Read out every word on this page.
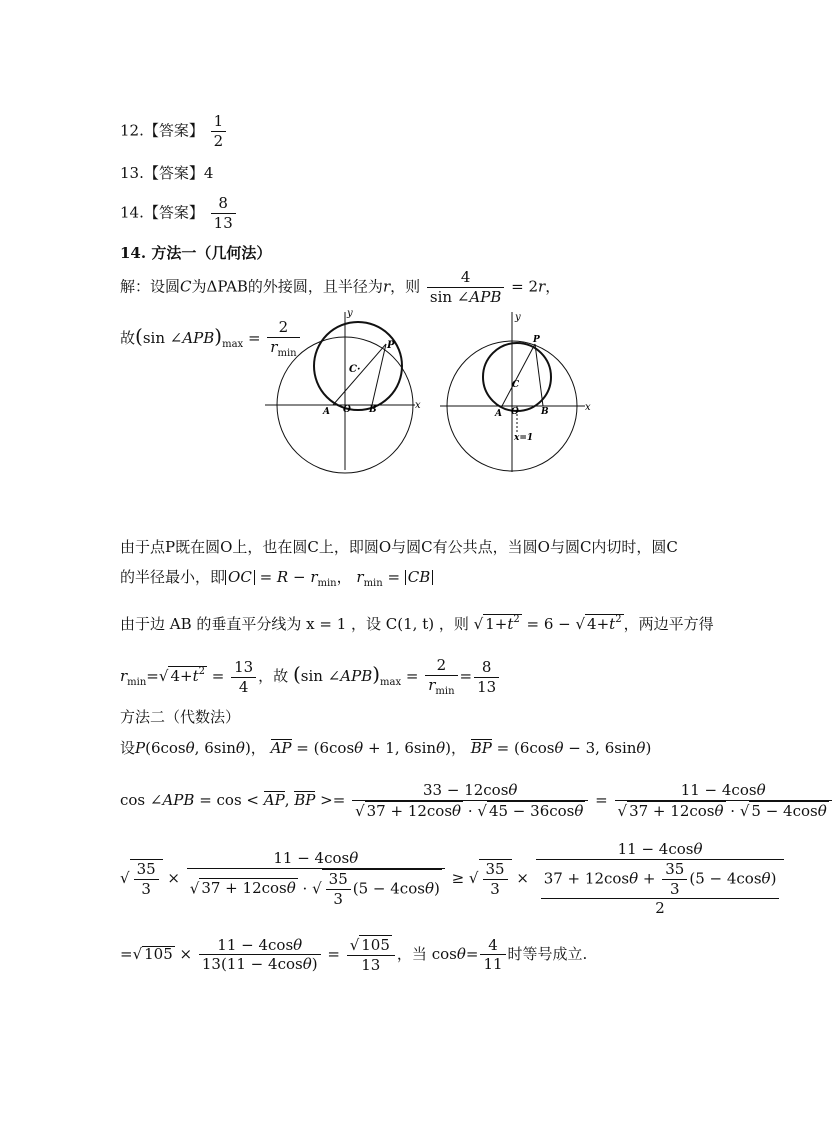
12.【答案】 $\frac{1}{2}$
13.【答案】4
14.【答案】 $\frac{8}{13}$
14. 方法一（几何法）
解：设圆C为ΔPAB的外接圆，且半径为r，则 $\frac{4}{\text{sin ∠APB}} = 2r$，
故(sin $\angle APB)_{max} = \frac{2}{r_{min}}$
y
x
P
C·
A O B
y
x
P
C
A O B
x=1
由于点P既在圆O上，也在圆C上，即圆O与圆C有公共点，当圆O与圆C内切时，圆C
的半径最小，即 OC = $R - r_{min}$， $r_{min}$ = CB
由于边 AB 的垂直平分线为 x = 1 ，设 C(1, t) ，则 √ $1+t^2 = 6$ − √ $4+t^2$ ，两边平方得
$r_{min}=√$ $4+t^2 = \frac{13}{4}$ ，故 (sin $\angle APB)_{max} = \frac{2}{r_{min}} = \frac{8}{13}$
方法二（代数法）
设P(6cosθ, 6sinθ)， AP = (6cosθ + 1, 6sinθ)， BP = (6cosθ − 3, 6sinθ)
cos ∠APB = cos < AP, BP >= $\frac{33 - 12\cos\theta}{√ 37 + 12\cos\theta \cdot √ 45 - 36\cos\theta} = \frac{11 - 4\cos\theta}{√ 37 + 12\cos\theta \cdot √ 5 - 4\cos\theta}$
√ $\frac{35}{3} \times \frac{11 - 4\cos\theta}{√ 37 + 12\cos\theta \cdot √ \frac{35}{3} (5 - 4\cos\theta)}$ ≥ √ $\frac{35}{3} \times \frac{11 - 4\cos\theta}{\frac{37 + 12\cos\theta + \frac{35}{3} (5 - 4\cos\theta)}{2}}$
=√ $105 \times \frac{11 - 4\cos\theta}{13(11 - 4\cos\theta)} = \frac{√ 105}{13}$ ，当 $\cos\theta= \frac{4}{11}$ 时等号成立.
